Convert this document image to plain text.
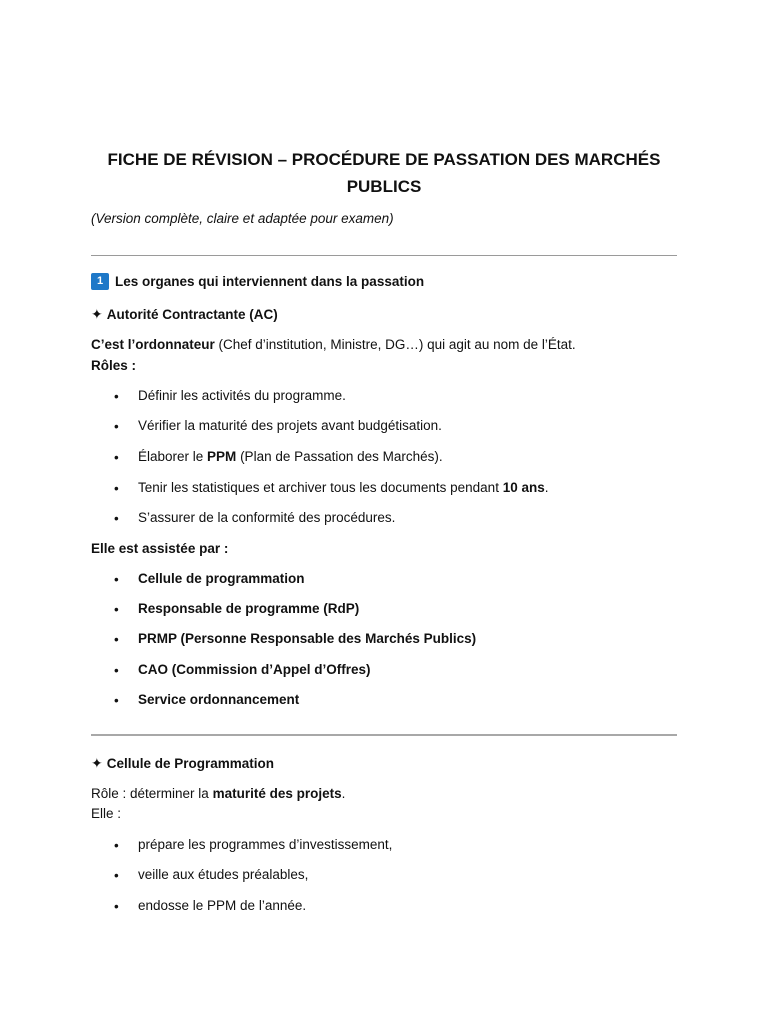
FICHE DE RÉVISION – PROCÉDURE DE PASSATION DES MARCHÉS PUBLICS

(Version complète, claire et adaptée pour examen)

1 Les organes qui interviennent dans la passation

✦ Autorité Contractante (AC)

C’est l’ordonnateur (Chef d’institution, Ministre, DG…) qui agit au nom de l’État.

Rôles :

• Définir les activités du programme.

• Vérifier la maturité des projets avant budgétisation.

• Élaborer le PPM (Plan de Passation des Marchés).

• Tenir les statistiques et archiver tous les documents pendant 10 ans.

• S’assurer de la conformité des procédures.

Elle est assistée par :

• Cellule de programmation

• Responsable de programme (RdP)

• PRMP (Personne Responsable des Marchés Publics)

• CAO (Commission d’Appel d’Offres)

• Service ordonnancement

✦ Cellule de Programmation

Rôle : déterminer la maturité des projets.

Elle :

• prépare les programmes d’investissement,

• veille aux études préalables,

• endosse le PPM de l’année.
